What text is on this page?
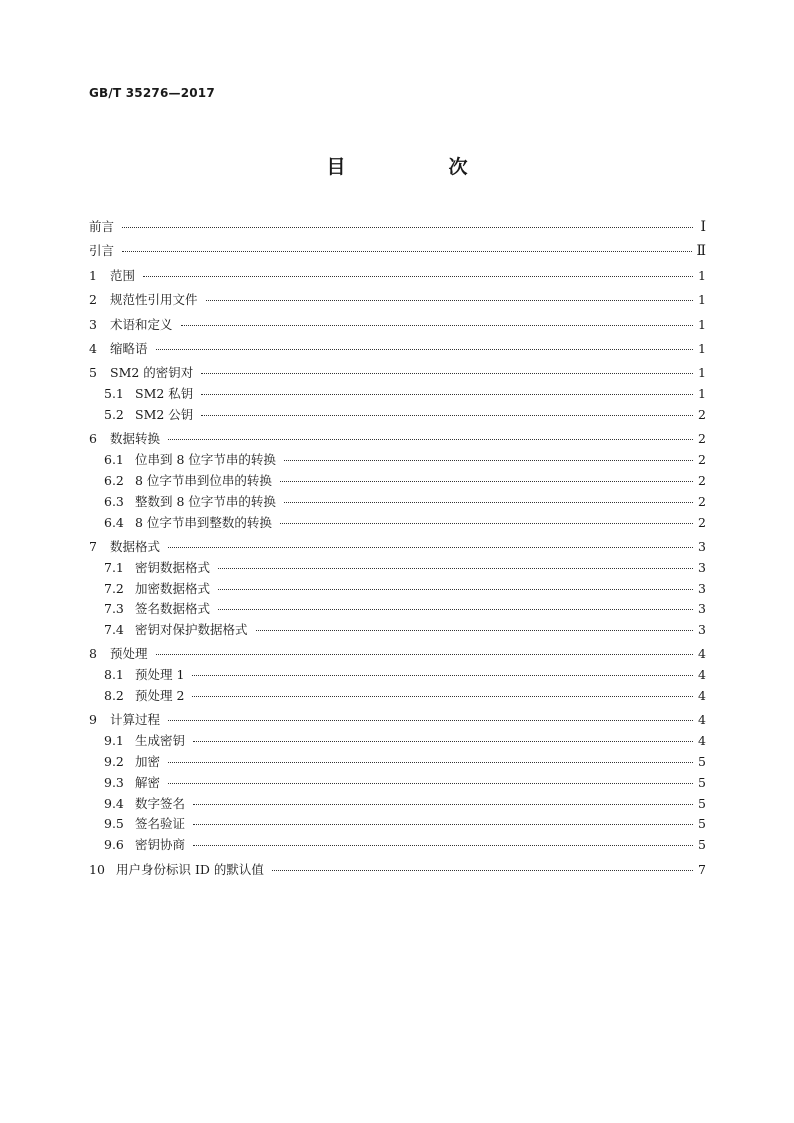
GB/T 35276—2017
目　次
前言	Ⅰ
引言	Ⅱ
1	范围	1
2	规范性引用文件	1
3	术语和定义	1
4	缩略语	1
5	SM2 的密钥对	1
5.1 SM2 私钥	1
5.2 SM2 公钥	2
6	数据转换	2
6.1 位串到 8 位字节串的转换	2
6.2 8 位字节串到位串的转换	2
6.3 整数到 8 位字节串的转换	2
6.4 8 位字节串到整数的转换	2
7	数据格式	3
7.1 密钥数据格式	3
7.2 加密数据格式	3
7.3 签名数据格式	3
7.4 密钥对保护数据格式	3
8	预处理	4
8.1 预处理 1	4
8.2 预处理 2	4
9	计算过程	4
9.1 生成密钥	4
9.2 加密	5
9.3 解密	5
9.4 数字签名	5
9.5 签名验证	5
9.6 密钥协商	5
10 用户身份标识 ID 的默认值	7
